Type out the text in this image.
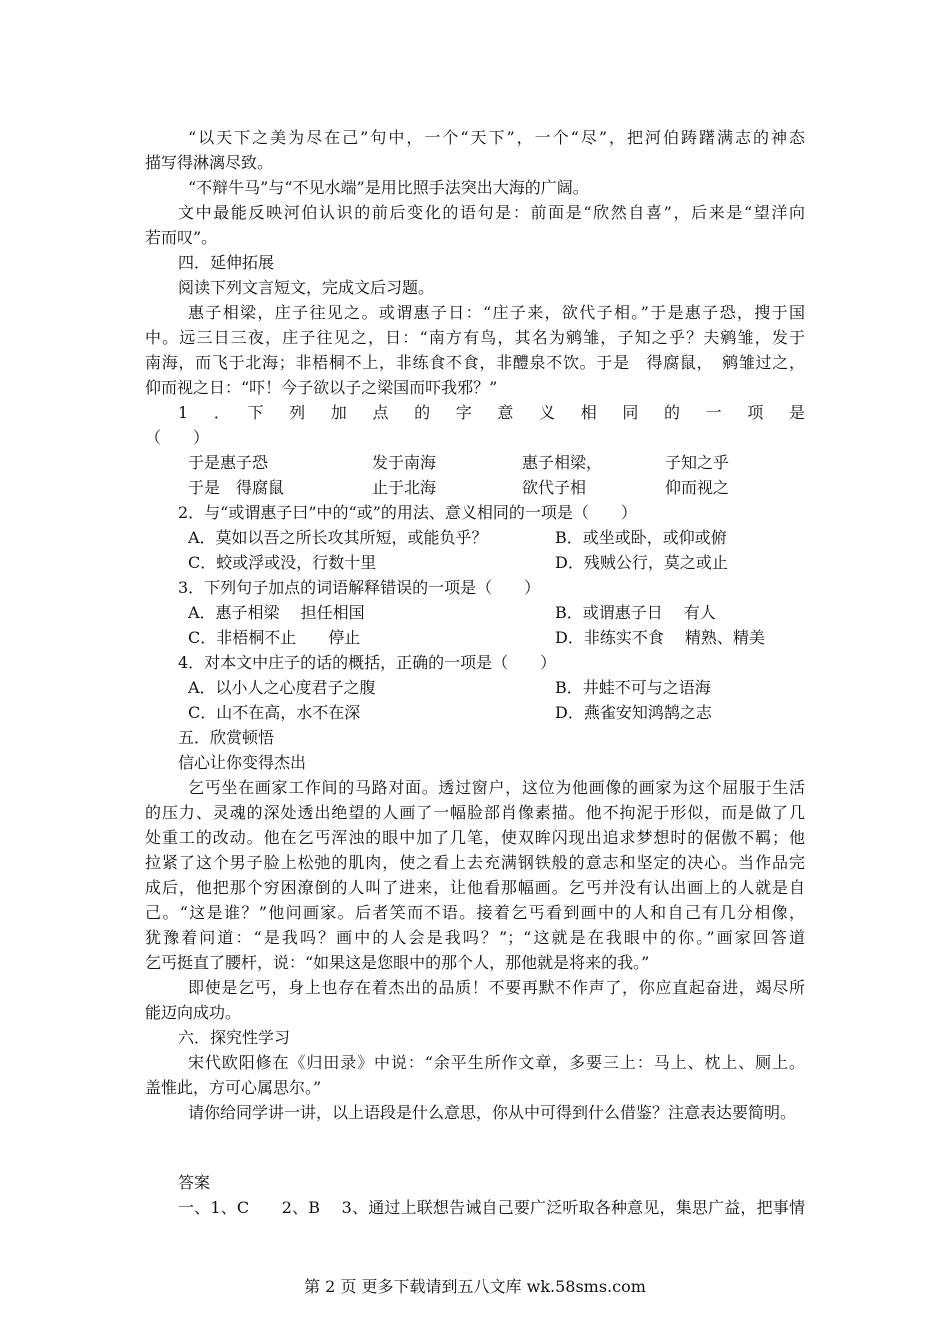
“以天下之美为尽在己”句中，一个“天下”，一个“尽”，把河伯踌躇满志的神态

描写得淋漓尽致。

“不辩牛马”与“不见水端”是用比照手法突出大海的广阔。

文中最能反映河伯认识的前后变化的语句是：前面是“欣然自喜”，后来是“望洋向

若而叹”。

四．延伸拓展

阅读下列文言短文，完成文后习题。

惠子相梁，庄子往见之。或谓惠子日：“庄子来，欲代子相。”于是惠子恐，搜于国

中。远三日三夜，庄子往见之，日：“南方有鸟，其名为鹓雏，子知之乎？夫鹓雏，发于

南海，而飞于北海；非梧桐不上，非练食不食，非醴泉不饮。于是　得腐鼠，　鹓雏过之，

仰而视之日：“吓！今子欲以子之梁国而吓我邪？”

1　．　下　列　加　点　的　字　意　义　相　同　的　一　项　是

（　　）

于是惠子恐	发于南海	惠子相梁，	子知之乎
于是　得腐鼠	止于北海	欲代子相	仰而视之

2．与“或谓惠子曰”中的“或”的用法、意义相同的一项是（　　）

A．莫如以吾之所长攻其所短，或能负乎？	B．或坐或卧，或仰或俯
C．蛟或浮或没，行数十里	D．残贼公行，莫之或止

3．下列句子加点的词语解释错误的一项是（　　）

A．惠子相梁　 担任相国	B．或谓惠子日　 有人
C．非梧桐不止　　停止	D．非练实不食　 精熟、精美

4．对本文中庄子的话的概括，正确的一项是（　　）

A．以小人之心度君子之腹	B．井蛙不可与之语海
C．山不在高，水不在深	D．燕雀安知鸿鹄之志

五．欣赏顿悟

信心让你变得杰出

乞丐坐在画家工作间的马路对面。透过窗户，这位为他画像的画家为这个屈服于生活

的压力、灵魂的深处透出绝望的人画了一幅脸部肖像素描。他不拘泥于形似，而是做了几

处重工的改动。他在乞丐浑浊的眼中加了几笔，使双眸闪现出追求梦想时的倨傲不羁；他

拉紧了这个男子脸上松弛的肌肉，使之看上去充满钢铁般的意志和坚定的决心。当作品完

成后，他把那个穷困潦倒的人叫了进来，让他看那幅画。乞丐并没有认出画上的人就是自

己。“这是谁？”他问画家。后者笑而不语。接着乞丐看到画中的人和自己有几分相像，

犹豫着问道：“是我吗？画中的人会是我吗？”；“这就是在我眼中的你。”画家回答道

乞丐挺直了腰杆，说：“如果这是您眼中的那个人，那他就是将来的我。”

即使是乞丐，身上也存在着杰出的品质！不要再默不作声了，你应直起奋进，竭尽所

能迈向成功。

六．探究性学习

宋代欧阳修在《归田录》中说：“余平生所作文章，多要三上：马上、枕上、厕上。

盖惟此，方可心属思尔。”

请你给同学讲一讲，以上语段是什么意思，你从中可得到什么借鉴？注意表达要简明。

答案

一、1、C　　2、B　 3、通过上联想告诫自己要广泛听取各种意见，集思广益，把事情

第 2 页 更多下载请到五八文库 wk.58sms.com
